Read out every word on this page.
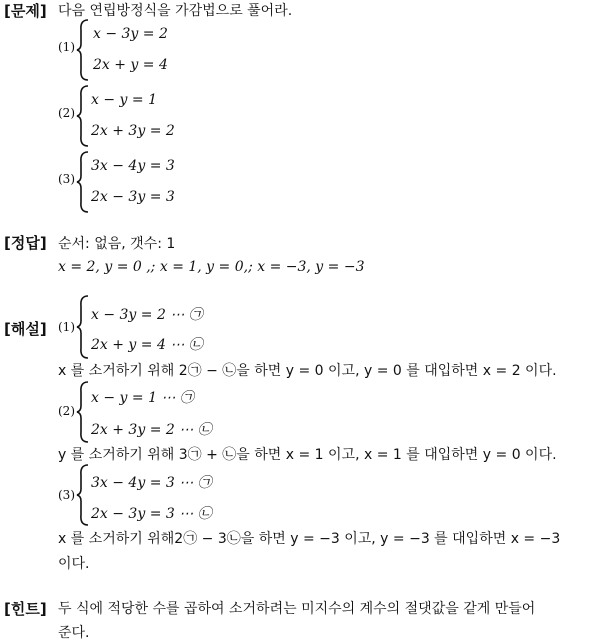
[문제] 다음 연립방정식을 가감법으로 풀어라.
(1)
x − 3y = 2
2x + y = 4
(2)
x − y = 1
2x + 3y = 2
(3)
3x − 4y = 3
2x − 3y = 3
[정답] 순서: 없음, 갯수: 1
x = 2, y = 0 ,; x = 1, y = 0,; x = −3, y = −3
[해설] (1)
x − 3y = 2 ⋯ ㉠
2x + y = 4 ⋯ ㉡
x 를 소거하기 위해 2㉠ − ㉡을 하면 y = 0 이고, y = 0 를 대입하면 x = 2 이다.
(2)
x − y = 1 ⋯ ㉠
2x + 3y = 2 ⋯ ㉡
y 를 소거하기 위해 3㉠ + ㉡을 하면 x = 1 이고, x = 1 를 대입하면 y = 0 이다.
(3)
3x − 4y = 3 ⋯ ㉠
2x − 3y = 3 ⋯ ㉡
x 를 소거하기 위해2㉠ − 3㉡을 하면 y = −3 이고, y = −3 를 대입하면 x = −3
이다.
[힌트] 두 식에 적당한 수를 곱하여 소거하려는 미지수의 계수의 절댓값을 같게 만들어
준다.
